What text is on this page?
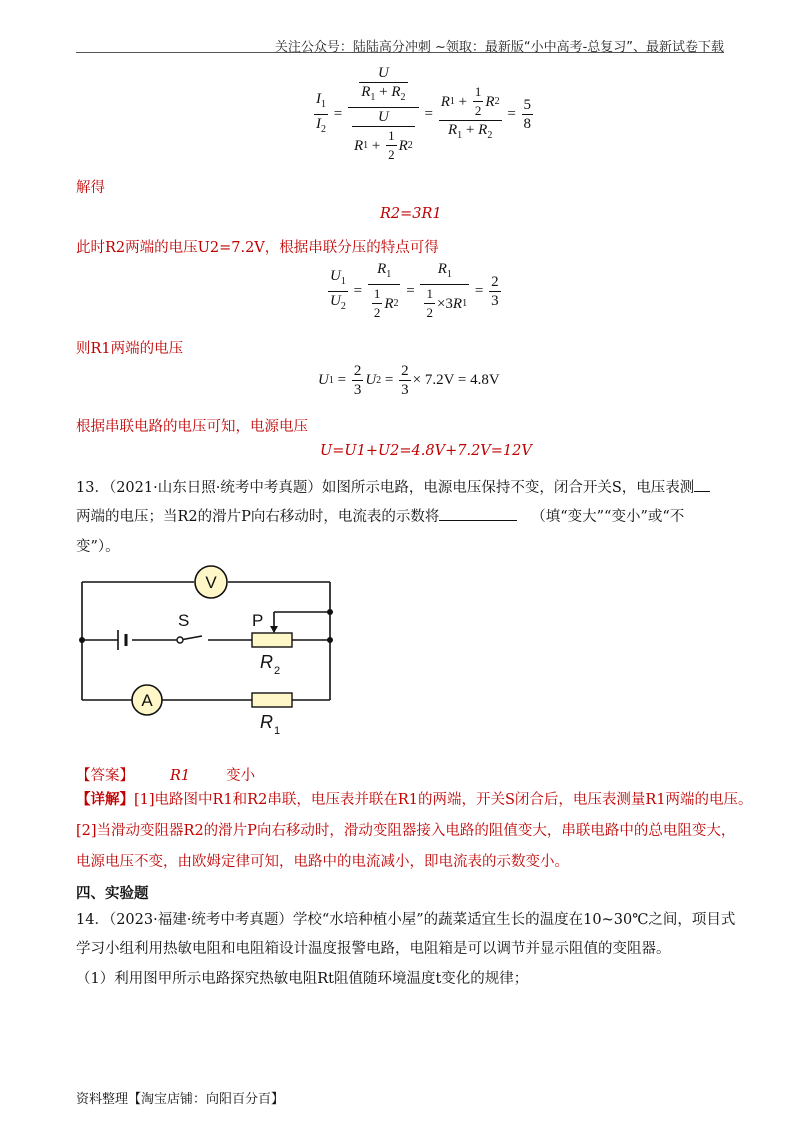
关注公众号：陆陆高分冲刺 ~领取：最新版“小中高考-总复习”、最新试卷下载
$\frac{I_1}{I_2} = \frac{\frac{U}{R_1 + R_2}}{\frac{U}{R 1 + \frac{1}{2} R 2}} = \frac{R 1 + \frac{1}{2} R 2}{R_1 + R_2} = \frac{5}{8}$
解得
R2=3R1
此时R2两端的电压U2=7.2V，根据串联分压的特点可得
$\frac{U_1}{U_2} = \frac{R_1}{\frac{1}{2} R 2} = \frac{R_1}{\frac{1}{2} \times 3 R 1} = \frac{2}{3}$
则R1两端的电压
U $1 = \frac{2}{3}$ U $2 = \frac{2}{3} \times 7.2V = 4.8V$
根据串联电路的电压可知，电源电压
U=U1+U2=4.8V+7.2V=12V
13．（2021·山东日照·统考中考真题）如图所示电路，电源电压保持不变，闭合开关S，电压表测
两端的电压；当R2的滑片P向右移动时，电流表的示数将	（填“变大”“变小”或“不
变”）。
V
A
S	P
R 2
R 1
【答案】 R1 变小
【详解】[1]电路图中R1和R2串联，电压表并联在R1的两端，开关S闭合后，电压表测量R1两端的电压。
[2]当滑动变阻器R2的滑片P向右移动时，滑动变阻器接入电路的阻值变大，串联电路中的总电阻变大，
电源电压不变，由欧姆定律可知，电路中的电流减小，即电流表的示数变小。
四、实验题
14．（2023·福建·统考中考真题）学校“水培种植小屋”的蔬菜适宜生长的温度在10~30℃之间，项目式
学习小组利用热敏电阻和电阻箱设计温度报警电路，电阻箱是可以调节并显示阻值的变阻器。
（1）利用图甲所示电路探究热敏电阻Rt阻值随环境温度t变化的规律；
资料整理【淘宝店铺：向阳百分百】
